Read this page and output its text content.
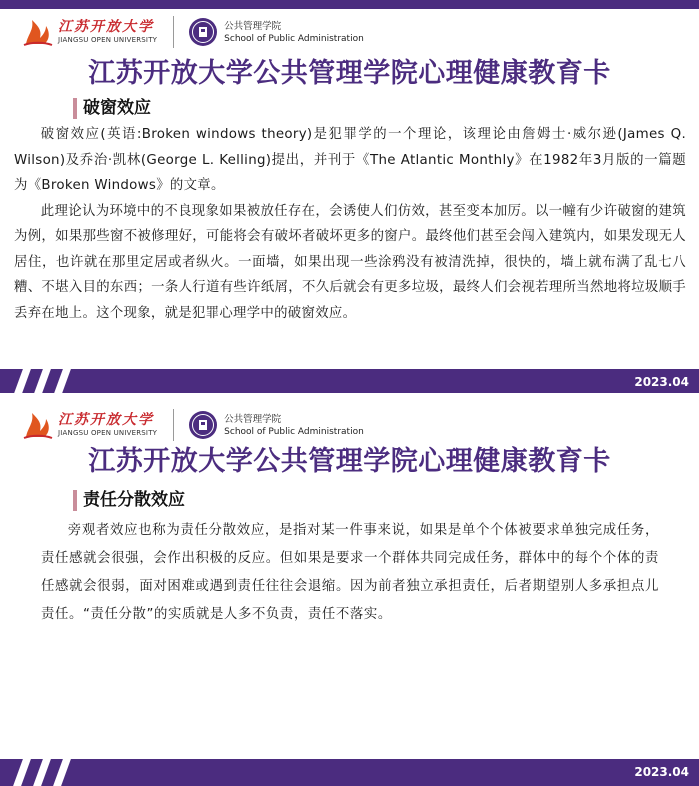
江苏开放大学
JIANGSU OPEN UNIVERSITY
公共管理学院
School of Public Administration
江苏开放大学公共管理学院心理健康教育卡
破窗效应

破窗效应(英语:Broken windows theory)是犯罪学的一个理论，该理论由詹姆士·威尔逊(James Q. Wilson)及乔治·凯林(George L. Kelling)提出，并刊于《The Atlantic Monthly》在1982年3月版的一篇题为《Broken Windows》的文章。

此理论认为环境中的不良现象如果被放任存在，会诱使人们仿效，甚至变本加厉。以一幢有少许破窗的建筑为例，如果那些窗不被修理好，可能将会有破坏者破坏更多的窗户。最终他们甚至会闯入建筑内，如果发现无人居住，也许就在那里定居或者纵火。一面墙，如果出现一些涂鸦没有被清洗掉，很快的，墙上就布满了乱七八糟、不堪入目的东西；一条人行道有些许纸屑，不久后就会有更多垃圾，最终人们会视若理所当然地将垃圾顺手丢弃在地上。这个现象，就是犯罪心理学中的破窗效应。

2023.04
江苏开放大学
JIANGSU OPEN UNIVERSITY
公共管理学院
School of Public Administration
江苏开放大学公共管理学院心理健康教育卡
责任分散效应

旁观者效应也称为责任分散效应，是指对某一件事来说，如果是单个个体被要求单独完成任务，责任感就会很强，会作出积极的反应。但如果是要求一个群体共同完成任务，群体中的每个个体的责任感就会很弱，面对困难或遇到责任往往会退缩。因为前者独立承担责任，后者期望别人多承担点儿责任。“责任分散”的实质就是人多不负责，责任不落实。

2023.04
